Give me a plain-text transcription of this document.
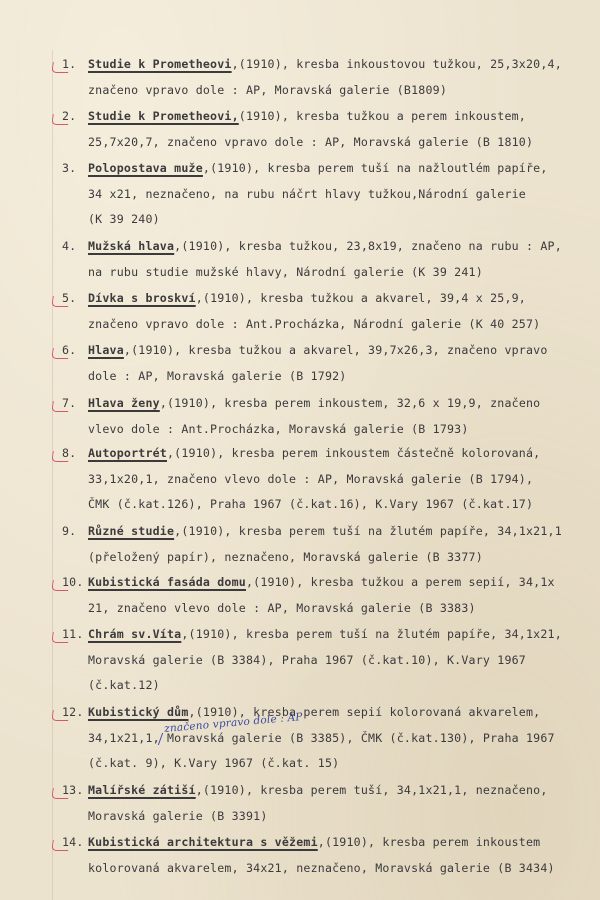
1. Studie k Prometheovi,(1910), kresba inkoustovou tužkou, 25,3x20,4,
značeno vpravo dole : AP, Moravská galerie (B1809)
2. Studie k Prometheovi,(1910), kresba tužkou a perem inkoustem,
25,7x20,7, značeno vpravo dole : AP, Moravská galerie (B 1810)
3. Polopostava muže,(1910), kresba perem tuší na nažloutlém papíře,
34 x21, neznačeno, na rubu náčrt hlavy tužkou,Národní galerie
(K 39 240)
4. Mužská hlava,(1910), kresba tužkou, 23,8x19, značeno na rubu : AP,
na rubu studie mužské hlavy, Národní galerie (K 39 241)
5. Dívka s broskví,(1910), kresba tužkou a akvarel, 39,4 x 25,9,
značeno vpravo dole : Ant.Procházka, Národní galerie (K 40 257)
6. Hlava,(1910), kresba tužkou a akvarel, 39,7x26,3, značeno vpravo
dole : AP, Moravská galerie (B 1792)
7. Hlava ženy,(1910), kresba perem inkoustem, 32,6 x 19,9, značeno
vlevo dole : Ant.Procházka, Moravská galerie (B 1793)
8. Autoportrét,(1910), kresba perem inkoustem částečně kolorovaná,
33,1x20,1, značeno vlevo dole : AP, Moravská galerie (B 1794),
ČMK (č.kat.126), Praha 1967 (č.kat.16), K.Vary 1967 (č.kat.17)
9. Různé studie,(1910), kresba perem tuší na žlutém papíře, 34,1x21,1
(přeložený papír), neznačeno, Moravská galerie (B 3377)
10. Kubistická fasáda domu,(1910), kresba tužkou a perem sepií, 34,1x
21, značeno vlevo dole : AP, Moravská galerie (B 3383)
11. Chrám sv.Víta,(1910), kresba perem tuší na žlutém papíře, 34,1x21,
Moravská galerie (B 3384), Praha 1967 (č.kat.10), K.Vary 1967
(č.kat.12)
12. Kubistický dům,(1910), kresba perem sepií kolorovaná akvarelem,
34,1x21,1, Moravská galerie (B 3385), ČMK (č.kat.130), Praha 1967
(č.kat. 9), K.Vary 1967 (č.kat. 15)
značeno vpravo dole : AP
13. Malířské zátiší,(1910), kresba perem tuší, 34,1x21,1, neznačeno,
Moravská galerie (B 3391)
14. Kubistická architektura s věžemi,(1910), kresba perem inkoustem
kolorovaná akvarelem, 34x21, neznačeno, Moravská galerie (B 3434)
